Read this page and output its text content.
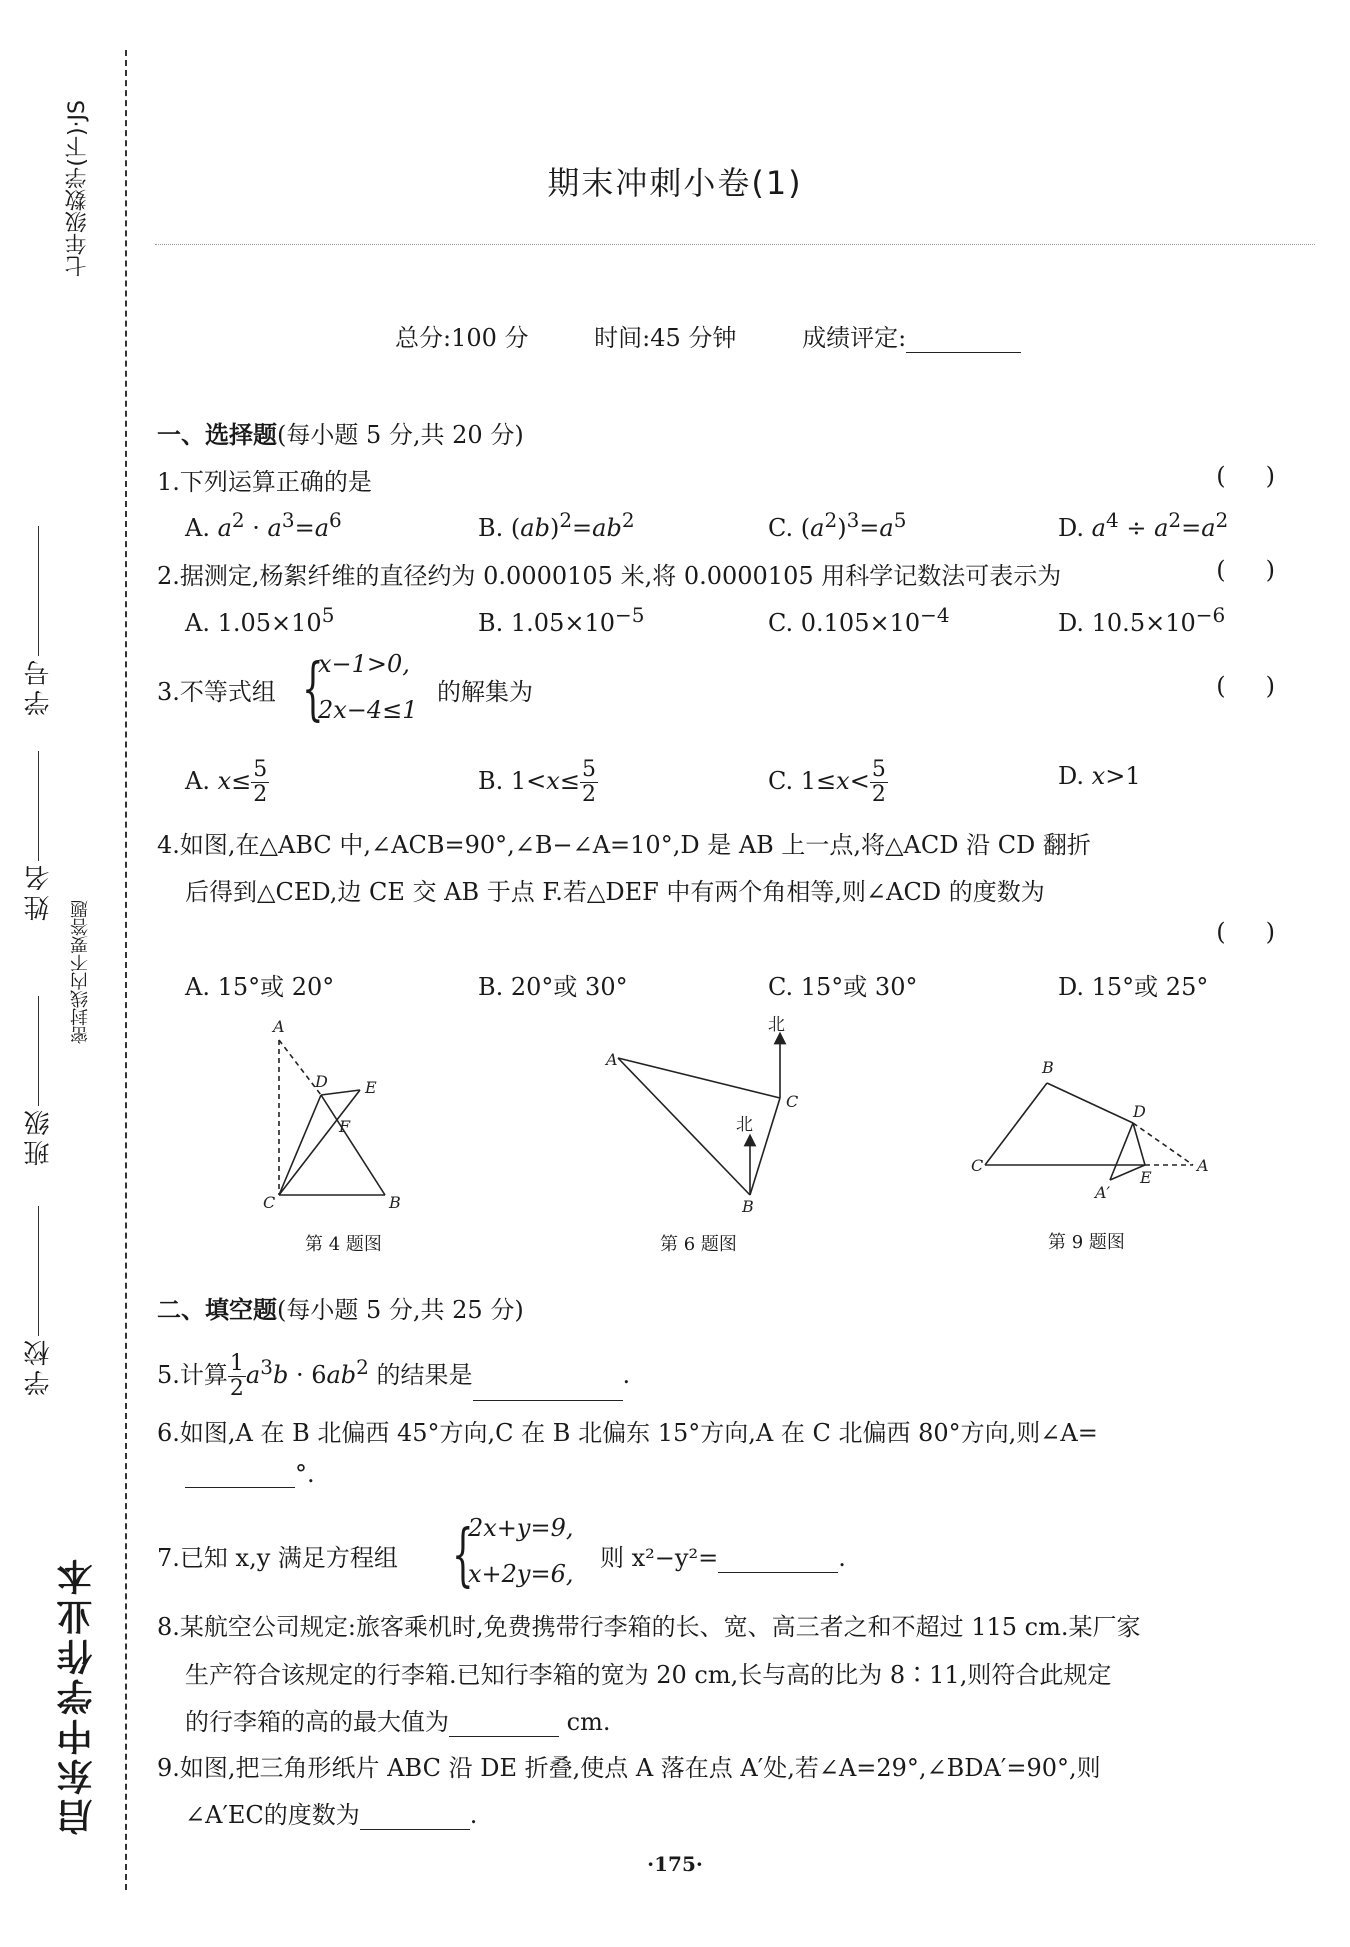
七年级数学(下)·JS
启东中学作业本
学号
姓名
班级
学校
密封线内不要答题
期末冲刺小卷(1)
总分:100 分	时间:45 分钟	成绩评定:
一、选择题(每小题 5 分,共 20 分)
1.下列运算正确的是	()
A. $a^2 \cdot a^3=a^6$	B. $(ab)^2=ab^2$	C. $(a^2)^3=a^5$	D. $a^4 \div a^2=a^2$
2.据测定,杨絮纤维的直径约为 0.0000105 米,将 0.0000105 用科学记数法可表示为	()
A. $1.05\times 10^5$	B. $1.05\times 10^{-5}$	C. $0.105\times 10^{-4}$	D. $10.5\times 10^{-6}$
3.不等式组 {
x−1>0,
2x−4≤1
的解集为	()
A. $x\le \frac{5}{2}$	B. $1<x\le \frac{5}{2}$	C. $1\le x< \frac{5}{2}$	D. x>1
4.如图,在△ABC 中,∠ACB=90°,∠B−∠A=10°,D 是 AB 上一点,将△ACD 沿 CD 翻折
后得到△CED,边 CE 交 AB 于点 F.若△DEF 中有两个角相等,则∠ACD 的度数为
()
A. 15°或 20°	B. 20°或 30°	C. 15°或 30°	D. 15°或 25°
A
D E
F
C	B
第 4 题图
A
C
B
北
北
第 6 题图
B
D
C	A
E
A′
第 9 题图
二、填空题(每小题 5 分,共 25 分)
5.计算 $\frac{1}{2} a^3b \cdot 6ab^2$ 的结果是	.
6.如图,A 在 B 北偏西 45°方向,C 在 B 北偏东 15°方向,A 在 C 北偏西 80°方向,则∠A=
°.
7.已知 x,y 满足方程组 {
2x+y=9,
x+2y=6,
则 x²−y²=	.
8.某航空公司规定:旅客乘机时,免费携带行李箱的长、宽、高三者之和不超过 115 cm.某厂家
生产符合该规定的行李箱.已知行李箱的宽为 20 cm,长与高的比为 8∶11,则符合此规定
的行李箱的高的最大值为	cm.
9.如图,把三角形纸片 ABC 沿 DE 折叠,使点 A 落在点 A′处,若∠A=29°,∠BDA′=90°,则
∠A′EC的度数为	.
·175·
